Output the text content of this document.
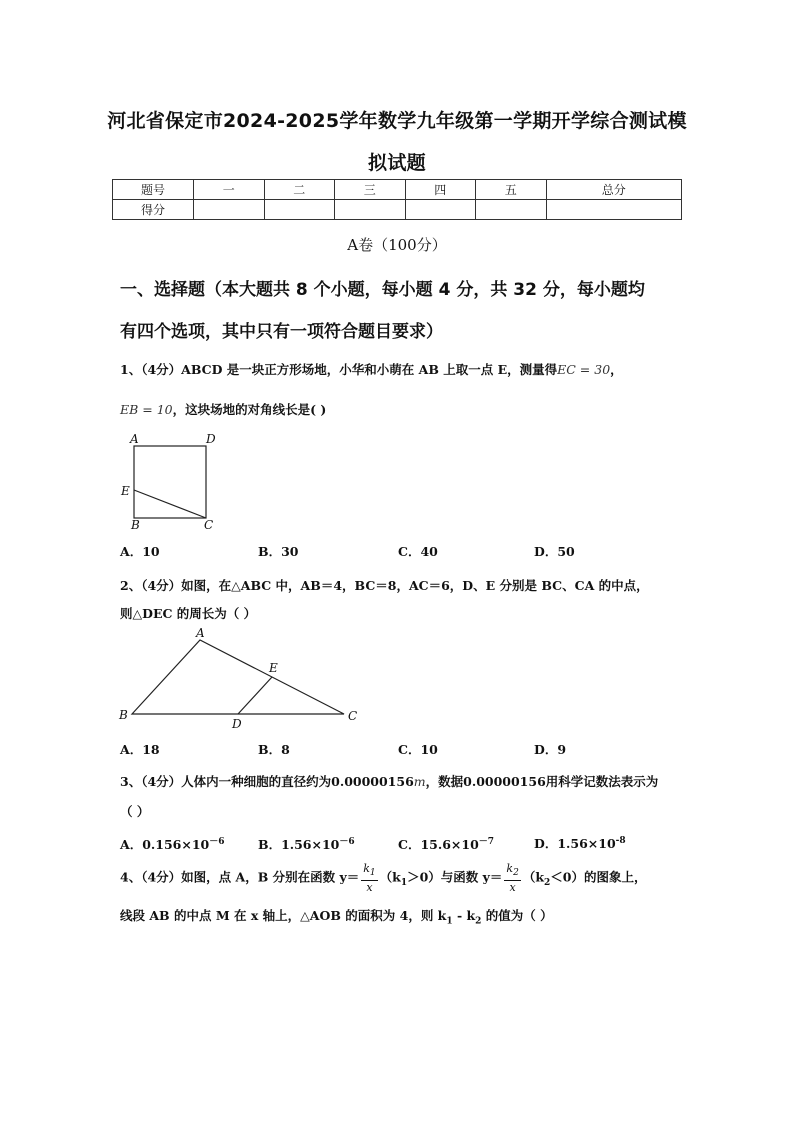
河北省保定市2024-2025学年数学九年级第一学期开学综合测试模
拟试题
题号	一	二	三	四	五	总分
得分						
A卷（100分）
一、选择题（本大题共 8 个小题，每小题 4 分，共 32 分，每小题均
有四个选项，其中只有一项符合题目要求）
1、（4分）ABCD 是一块正方形场地，小华和小萌在 AB 上取一点 E，测量得EC = 30，
EB = 10，这块场地的对角线长是( )
A	D
E
B	C
A．10	B．30	C．40	D．50
2、（4分）如图，在△ABC 中，AB＝4，BC＝8，AC＝6，D、E 分别是 BC、CA 的中点，
则△DEC 的周长为（ ）
A
B	C
D
E
A．18	B．8	C．10	D．9
3、（4分）人体内一种细胞的直径约为0.00000156m，数据0.00000156用科学记数法表示为
（ ）
A．$0.156\times 10^{-6}$	B．$1.56\times 10^{-6}$	C．$15.6\times 10^{-7}$	D．$1.56\times 10^{-8}$
4、（4分）如图，点 A，B 分别在函数 $y= \frac{k_1}{x} (k_1>0)$与函数 $y= \frac{k_2}{x} (k_2<0)$的图象上，
线段 AB 的中点 M 在 x 轴上，△AOB 的面积为 4，则 $k_1 - k_2$ 的值为（ ）
